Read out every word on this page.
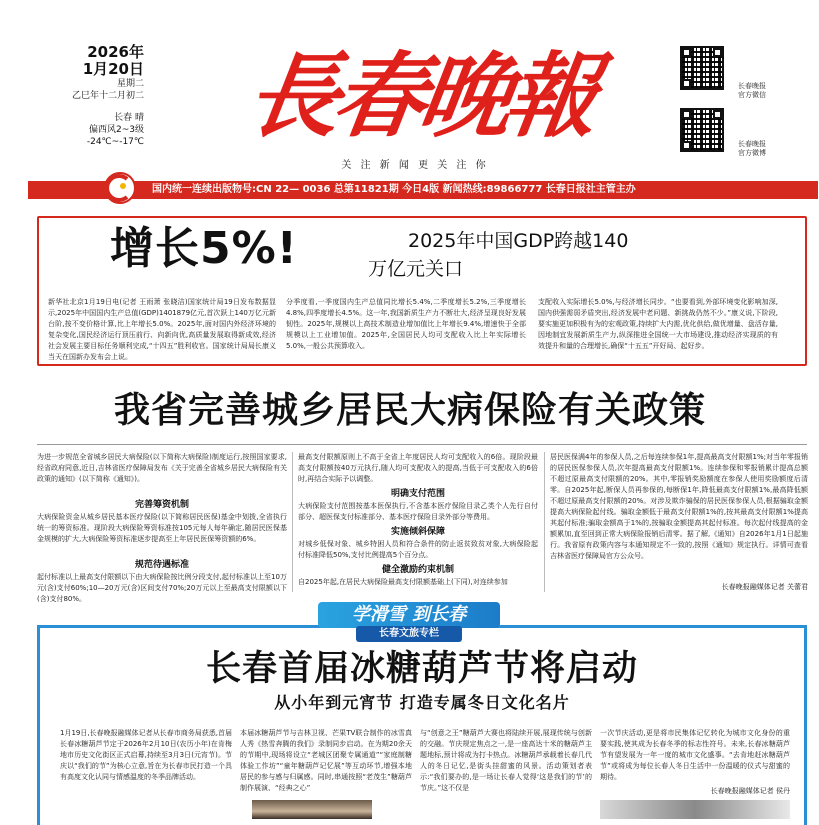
2026年
1月20日
星期二
乙巳年十二月初二
长春 晴
偏西风2~3级
-24℃~-17℃	長春晚報
关 注 新 闻 更 关 注 你
长春晚报
官方微信
长春晚报
官方微博
国内统一连续出版物号:CN 22— 0036 总第11821期 今日4版 新闻热线:89866777 长春日报社主管主办
增长5%!	2025年中国GDP跨越140
万亿元关口
新华社北京1月19日电(记者 王雨萧 张晓洁)国家统计局19日发布数据显示,2025年中国国内生产总值(GDP)1401879亿元,首次跃上140万亿元新台阶,按不变价格计算,比上年增长5.0%。2025年,面对国内外经济环境的复杂变化,国民经济运行顶压前行、向新向优,高质量发展取得新成效,经济社会发展主要目标任务顺利完成,“十四五”胜利收官。国家统计局局长康义当天在国新办发布会上说。
分季度看,一季度国内生产总值同比增长5.4%,二季度增长5.2%,三季度增长4.8%,四季度增长4.5%。这一年,我国新质生产力不断壮大,经济呈现良好发展韧性。2025年,规模以上高技术制造业增加值比上年增长9.4%,增速快于全部规模以上工业增加值。2025年,全国居民人均可支配收入比上年实际增长5.0%,一般公共预算收入。
支配收入实际增长5.0%,与经济增长同步。“也要看到,外部环境变化影响加深,国内供强需弱矛盾突出,经济发展中老问题、新挑战仍然不少。”康义说,下阶段,要实施更加积极有为的宏观政策,持续扩大内需,优化供给,做优增量、盘活存量,因地制宜发展新质生产力,纵深推进全国统一大市场建设,推动经济实现质的有效提升和量的合理增长,确保“十五五”开好局、起好步。
我省完善城乡居民大病保险有关政策
为进一步规范全省城乡居民大病保险(以下简称大病保险)制度运行,按照国家要求,经省政府同意,近日,吉林省医疗保障局发布《关于完善全省城乡居民大病保险有关政策的通知》(以下简称《通知》)。
完善筹资机制
大病保险资金从城乡居民基本医疗保险(以下简称居民医保)基金中划拨,全省执行统一的筹资标准。现阶段大病保险筹资标准按105元每人每年确定,随居民医保基金规模的扩大,大病保险筹资标准逐步提高至上年居民医保筹资额的6%。
规范待遇标准
起付标准以上最高支付限额以下由大病保险按比例分段支付,起付标准以上至10万元(含)支付60%;10—20万元(含)区间支付70%;20万元以上至最高支付限额以下(含)支付80%。
最高支付限额原则上不高于全省上年度居民人均可支配收入的6倍。现阶段最高支付限额按40万元执行,随人均可支配收入的提高,当低于可支配收入的6倍时,再结合实际予以调整。
明确支付范围
大病保险支付范围按基本医保执行,不含基本医疗保险目录乙类个人先行自付部分、超医保支付标准部分、基本医疗保险目录外部分等费用。
实施倾斜保障
对城乡低保对象、城乡特困人员和符合条件的防止返贫致贫对象,大病保险起付标准降低50%,支付比例提高5个百分点。
健全激励约束机制
自2025年起,在居民大病保险最高支付限额基础上(下同),对连续参加
居民医保满4年的参保人员,之后每连续参保1年,提高最高支付限额1%;对当年零报销的居民医保参保人员,次年提高最高支付限额1%。连续参保和零报销累计提高总额不超过原最高支付限额的20%。其中,零报销奖励额度在参保人使用奖励额度后清零。自2025年起,断保人员再参保的,每断保1年,降低最高支付限额1%,最高降低额不超过原最高支付限额的20%。对涉及欺诈骗保的居民医保参保人员,根据骗取金额提高大病保险起付线。骗取金额低于最高支付限额1%的,按其最高支付限额1%提高其起付标准;骗取金额高于1%的,按骗取金额提高其起付标准。每次起付线提高的金额累加,直至回到正常大病保险报销后清零。据了解,《通知》自2026年1月1日起施行。我省原有政策内容与本通知规定不一致的,按照《通知》规定执行。详情可查看吉林省医疗保障局官方公众号。
长春晚报融媒体记者 关蕾君
学滑雪 到长春
长春文旅专栏
长春首届冰糖葫芦节将启动
从小年到元宵节 打造专属冬日文化名片
1月19日,长春晚报融媒体记者从长春市商务局获悉,首届长春冰糖葫芦节定于2026年2月10日(农历小年)在肯梅地市历史文化街区正式启幕,持续至3月3日(元宵节)。节庆以“我们的节”为核心立意,旨在为长春市民打造一个具有高度文化认同与情感温度的冬季品牌活动。
本届冰糖葫芦节与吉林卫视、芒果TV联合制作的冰雪真人秀《热雪奔腾的我们》录制同步启动。在为期20余天的节期中,现场将设立“老城区团聚专属通道”“家庭制糖体验工作坊”“童年糖葫芦记忆展”等互动环节,增强本地居民的参与感与归属感。同时,串通按照“老茂生”糖葫芦制作展演、“经典之心”
与“创意之王”糖葫芦大赛也将陆续开展,展现传统与创新的交融。节庆规定焦点之一,是一座高达十米的糖葫芦主题地标,预计将成为打卡热点。冰糖葫芦承载着长春几代人的冬日记忆,是街头挂甜蜜的风景。活动策划者表示:“我们要办的,是一场让长春人觉得‘这是我们的节’的节庆。”这不仅是
一次节庆活动,更是将市民集体记忆转化为城市文化身份的重要实践,使其成为长春冬季的标志性符号。未来,长春冰糖葫芦节有望发展为一年一度的城市文化盛事。“去肯地赶冰糖葫芦节”或将成为每位长春人冬日生活中一份温暖的仪式与甜蜜的期待。
长春晚报融媒体记者 侯丹
